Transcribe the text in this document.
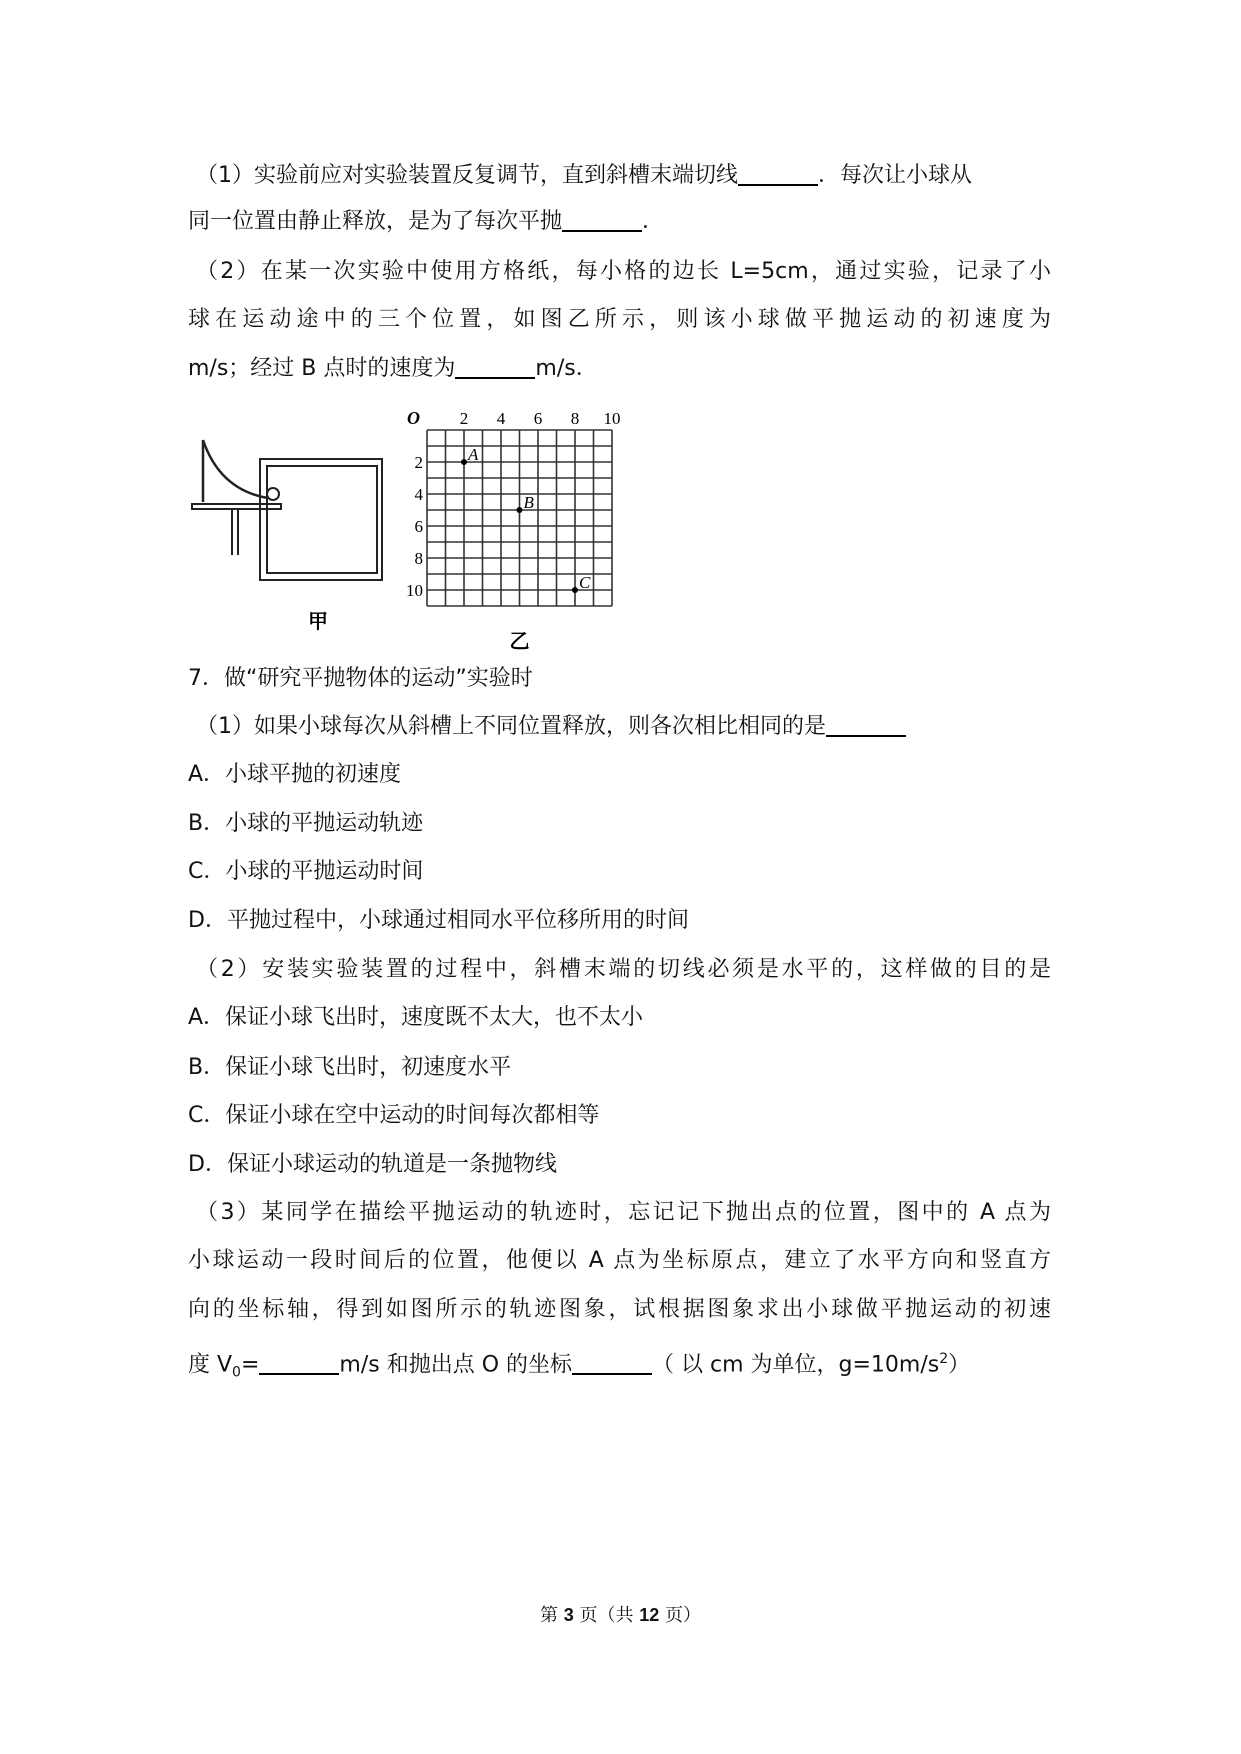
（1）实验前应对实验装置反复调节，直到斜槽末端切线	．每次让小球从
同一位置由静止释放，是为了每次平抛	．
（2）在某一次实验中使用方格纸，每小格的边长 L=5cm，通过实验，记录了小
球在运动途中的三个位置，如图乙所示，则该小球做平抛运动的初速度为
m/s；经过 B 点时的速度为	m/s．
甲
O 2 4 6 8 10
2
4
6
8
10
A
B
C
乙
7．做“研究平抛物体的运动”实验时
（1）如果小球每次从斜槽上不同位置释放，则各次相比相同的是
A．小球平抛的初速度
B．小球的平抛运动轨迹
C．小球的平抛运动时间
D．平抛过程中，小球通过相同水平位移所用的时间
（2）安装实验装置的过程中，斜槽末端的切线必须是水平的，这样做的目的是
A．保证小球飞出时，速度既不太大，也不太小
B．保证小球飞出时，初速度水平
C．保证小球在空中运动的时间每次都相等
D．保证小球运动的轨道是一条抛物线
（3）某同学在描绘平抛运动的轨迹时，忘记记下抛出点的位置，图中的 A 点为
小球运动一段时间后的位置，他便以 A 点为坐标原点，建立了水平方向和竖直方
向的坐标轴，得到如图所示的轨迹图象，试根据图象求出小球做平抛运动的初速
度 $V_0=$	m/s 和抛出点 O 的坐标	（ 以 cm 为单位，$g=10m/s^2$）
第 3 页（共 12 页）
